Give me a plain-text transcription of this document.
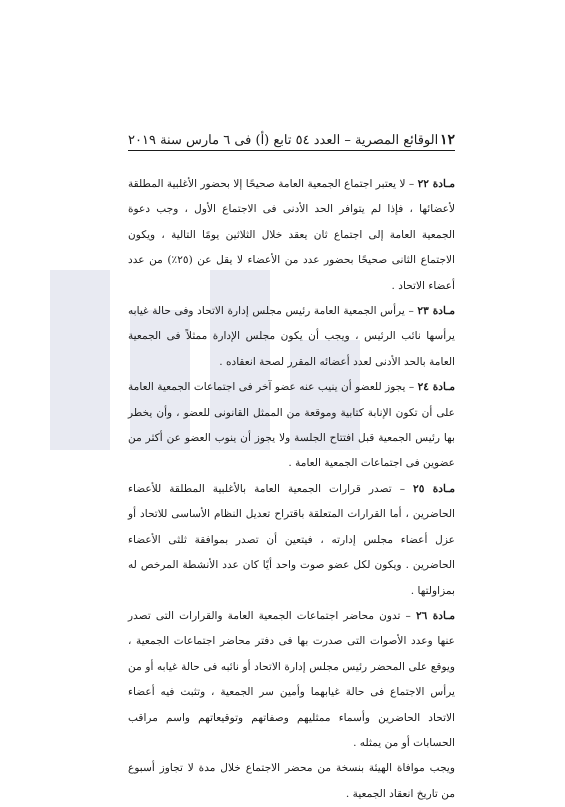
١٢
الوقائع المصرية – العدد ٥٤ تابع (أ) فى ٦ مارس سنة ٢٠١٩

مـادة ٢٢ – لا يعتبر اجتماع الجمعية العامة صحيحًا إلا بحضور الأغلبية المطلقة لأعضائها ، فإذا لم يتوافر الحد الأدنى فى الاجتماع الأول ، وجب دعوة الجمعية العامة إلى اجتماع ثان يعقد خلال الثلاثين يومًا التالية ، ويكون الاجتماع الثانى صحيحًا بحضور عدد من الأعضاء لا يقل عن (٢٥٪) من عدد أعضاء الاتحاد .

مـادة ٢٣ – يرأس الجمعية العامة رئيس مجلس إدارة الاتحاد وفى حالة غيابه يرأسها نائب الرئيس ، ويجب أن يكون مجلس الإدارة ممثلاً فى الجمعية العامة بالحد الأدنى لعدد أعضائه المقرر لصحة انعقاده .

مـادة ٢٤ – يجوز للعضو أن ينيب عنه عضو آخر فى اجتماعات الجمعية العامة على أن تكون الإنابة كتابية وموقعة من الممثل القانونى للعضو ، وأن يخطر بها رئيس الجمعية قبل افتتاح الجلسة ولا يجوز أن ينوب العضو عن أكثر من عضوين فى اجتماعات الجمعية العامة .

مـادة ٢٥ – تصدر قرارات الجمعية العامة بالأغلبية المطلقة للأعضاء الحاضرين ، أما القرارات المتعلقة باقتراح تعديل النظام الأساسى للاتحاد أو عزل أعضاء مجلس إدارته ، فيتعين أن تصدر بموافقة ثلثى الأعضاء الحاضرين . ويكون لكل عضو صوت واحد أيًا كان عدد الأنشطة المرخص له بمزاولتها .

مـادة ٢٦ – تدون محاضر اجتماعات الجمعية العامة والقرارات التى تصدر عنها وعدد الأصوات التى صدرت بها فى دفتر محاضر اجتماعات الجمعية ، ويوقع على المحضر رئيس مجلس إدارة الاتحاد أو نائبه فى حالة غيابه أو من يرأس الاجتماع فى حالة غيابهما وأمين سر الجمعية ، وتثبت فيه أعضاء الاتحاد الحاضرين وأسماء ممثليهم وصفاتهم وتوقيعاتهم واسم مراقب الحسابات أو من يمثله .

ويجب موافاة الهيئة بنسخة من محضر الاجتماع خلال مدة لا تجاوز أسبوع من تاريخ انعقاد الجمعية .
